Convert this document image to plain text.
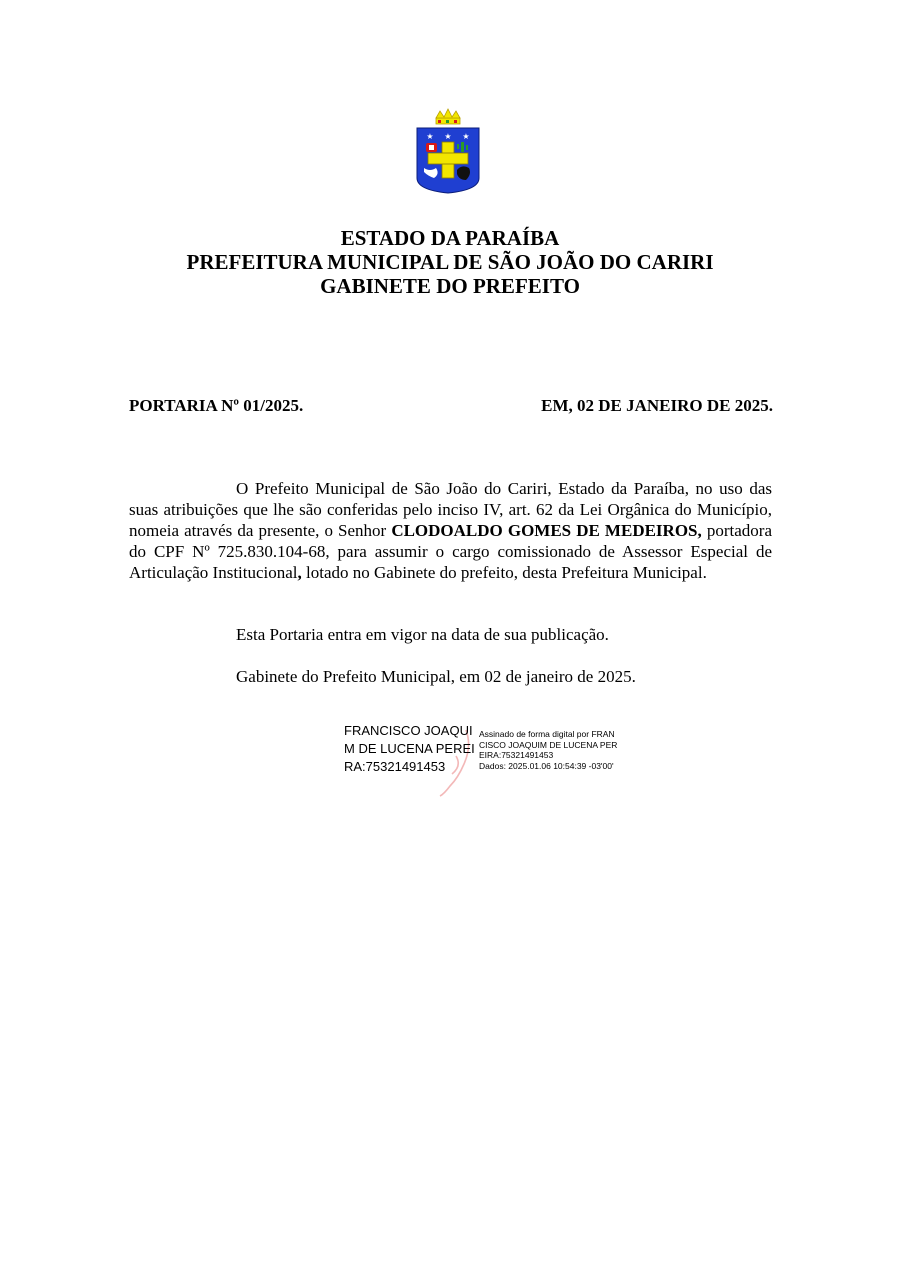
★ ★ ★
ESTADO DA PARAÍBA
PREFEITURA MUNICIPAL DE SÃO JOÃO DO CARIRI
GABINETE DO PREFEITO
PORTARIA Nº 01/2025.	EM, 02 DE JANEIRO DE 2025.
O Prefeito Municipal de São João do Cariri, Estado da Paraíba, no uso das suas atribuições que lhe são conferidas pelo inciso IV, art. 62 da Lei Orgânica do Município, nomeia através da presente, o Senhor CLODOALDO GOMES DE MEDEIROS, portadora do CPF Nº 725.830.104-68, para assumir o cargo comissionado de Assessor Especial de Articulação Institucional, lotado no Gabinete do prefeito, desta Prefeitura Municipal.
Esta Portaria entra em vigor na data de sua publicação.
Gabinete do Prefeito Municipal, em 02 de janeiro de 2025.
FRANCISCO JOAQUIM DE LUCENA PEREIRA:75321491453
Assinado de forma digital por FRANCISCO JOAQUIM DE LUCENA PEREIRA:75321491453
Dados: 2025.01.06 10:54:39 -03'00'
